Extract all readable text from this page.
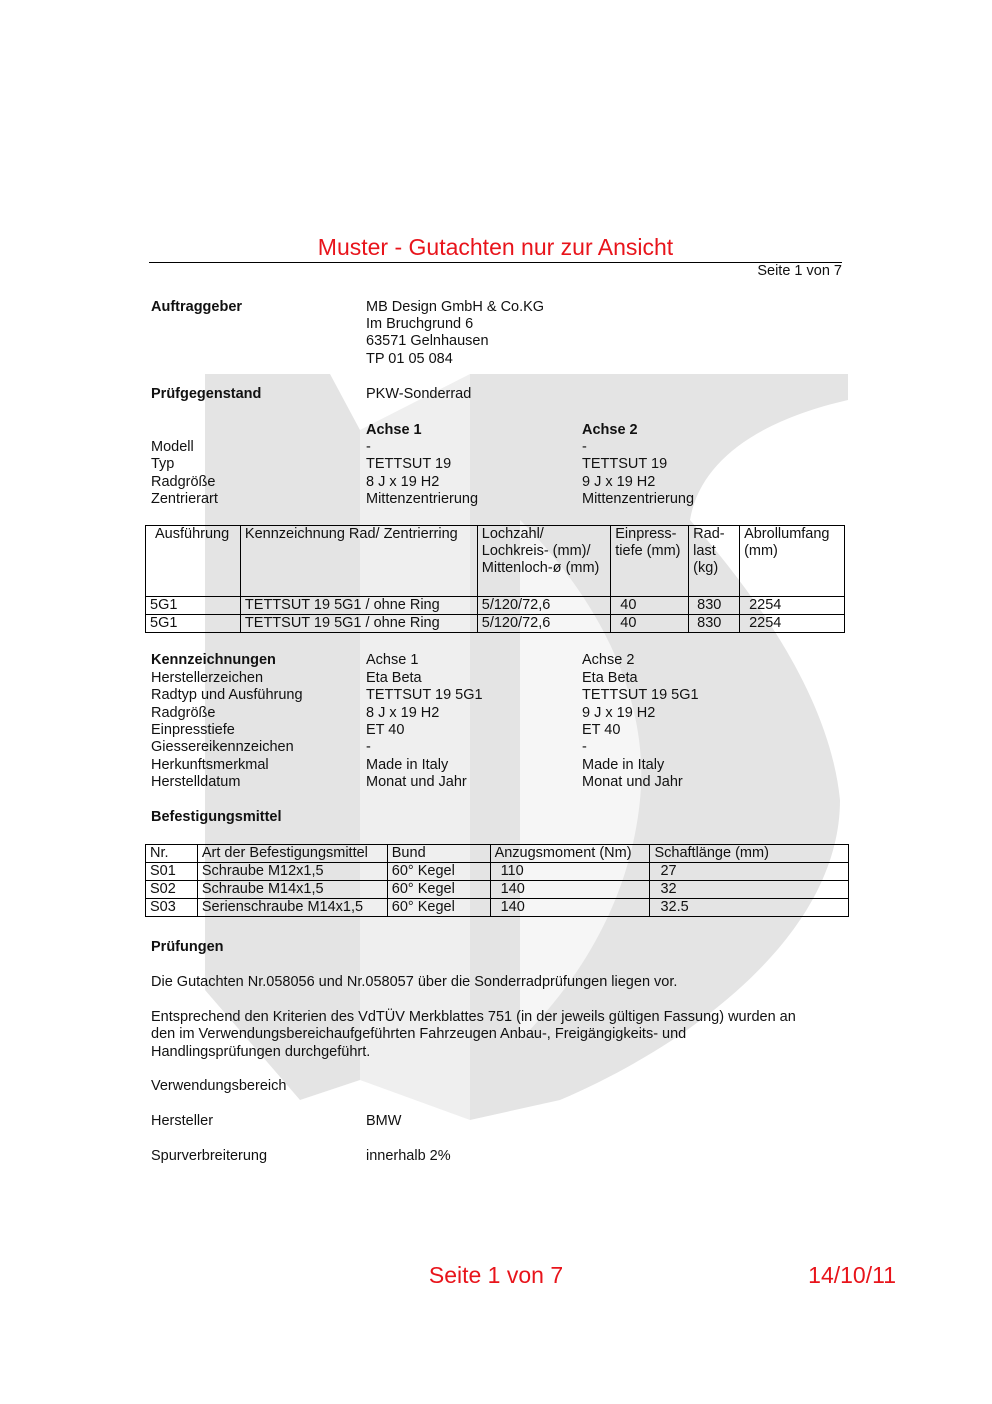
Muster - Gutachten nur zur Ansicht
Seite 1 von 7
Auftraggeber	MB Design GmbH & Co.KG
Im Bruchgrund 6
63571 Gelnhausen
TP 01 05 084
Prüfgegenstand	PKW-Sonderrad
Achse 1	Achse 2
Modell	-	-
Typ	TETTSUT 19	TETTSUT 19
Radgröße	8 J x 19 H2	9 J x 19 H2
Zentrierart	Mittenzentrierung	Mittenzentrierung
Ausführung	Kennzeichnung Rad/ Zentrierring	Lochzahl/ Lochkreis- (mm)/ Mittenloch-ø (mm)	Einpress-tiefe (mm)	Rad-last (kg)	Abrollumfang (mm)
5G1	TETTSUT 19 5G1 / ohne Ring	5/120/72,6	40	830	2254
5G1	TETTSUT 19 5G1 / ohne Ring	5/120/72,6	40	830	2254
Kennzeichnungen	Achse 1	Achse 2
Herstellerzeichen	Eta Beta	Eta Beta
Radtyp und Ausführung	TETTSUT 19 5G1	TETTSUT 19 5G1
Radgröße	8 J x 19 H2	9 J x 19 H2
Einpresstiefe	ET 40	ET 40
Giessereikennzeichen	-	-
Herkunftsmerkmal	Made in Italy	Made in Italy
Herstelldatum	Monat und Jahr	Monat und Jahr
Befestigungsmittel
Nr.	Art der Befestigungsmittel	Bund	Anzugsmoment (Nm)	Schaftlänge (mm)
S01	Schraube M12x1,5	60° Kegel	110	27
S02	Schraube M14x1,5	60° Kegel	140	32
S03	Serienschraube M14x1,5	60° Kegel	140	32.5
Prüfungen
Die Gutachten Nr.058056 und Nr.058057 über die Sonderradprüfungen liegen vor.
Entsprechend den Kriterien des VdTÜV Merkblattes 751 (in der jeweils gültigen Fassung) wurden an
den im Verwendungsbereichaufgeführten Fahrzeugen Anbau-, Freigängigkeits- und
Handlingsprüfungen durchgeführt.
Verwendungsbereich
Hersteller	BMW
Spurverbreiterung	innerhalb 2%
Seite 1 von 7	14/10/11
